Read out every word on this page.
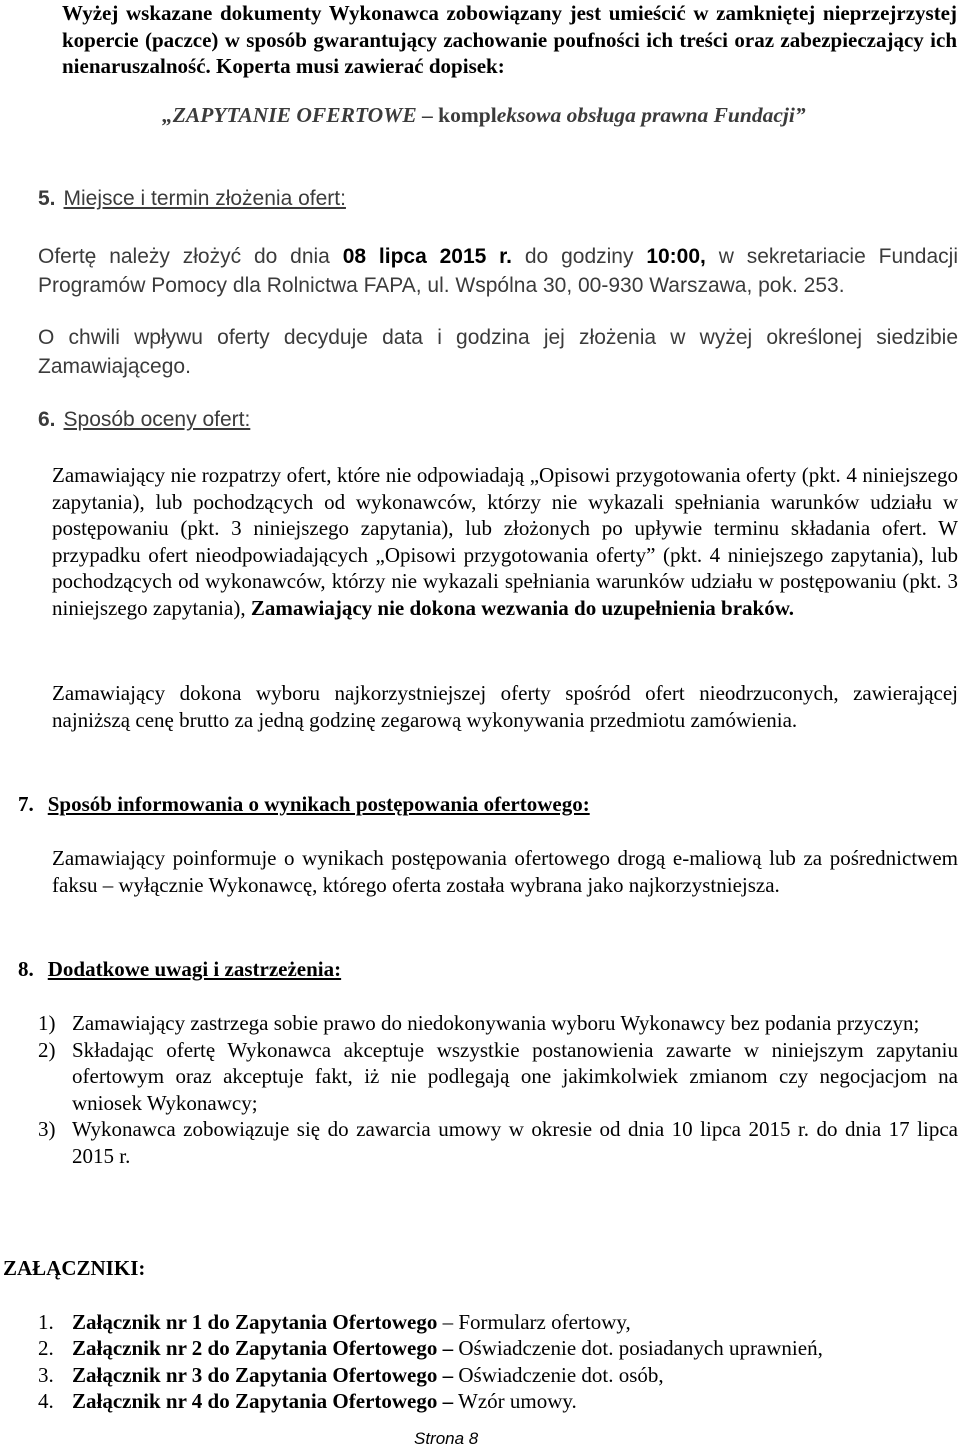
Wyżej wskazane dokumenty Wykonawca zobowiązany jest umieścić w zamkniętej nieprzejrzystej kopercie (paczce) w sposób gwarantujący zachowanie poufności ich treści oraz zabezpieczający ich nienaruszalność. Koperta musi zawierać dopisek:

„ZAPYTANIE OFERTOWE – kompleksowa obsługa prawna Fundacji”
5. Miejsce i termin złożenia ofert:

Ofertę należy złożyć do dnia 08 lipca 2015 r. do godziny 10:00, w sekretariacie Fundacji Programów Pomocy dla Rolnictwa FAPA, ul. Wspólna 30, 00-930 Warszawa, pok. 253.

O chwili wpływu oferty decyduje data i godzina jej złożenia w wyżej określonej siedzibie Zamawiającego.

6. Sposób oceny ofert:

Zamawiający nie rozpatrzy ofert, które nie odpowiadają „Opisowi przygotowania oferty (pkt. 4 niniejszego zapytania), lub pochodzących od wykonawców, którzy nie wykazali spełniania warunków udziału w postępowaniu (pkt. 3 niniejszego zapytania), lub złożonych po upływie terminu składania ofert. W przypadku ofert nieodpowiadających „Opisowi przygotowania oferty” (pkt. 4 niniejszego zapytania), lub pochodzących od wykonawców, którzy nie wykazali spełniania warunków udziału w postępowaniu (pkt. 3 niniejszego zapytania), Zamawiający nie dokona wezwania do uzupełnienia braków.

Zamawiający dokona wyboru najkorzystniejszej oferty spośród ofert nieodrzuconych, zawierającej najniższą cenę brutto za jedną godzinę zegarową wykonywania przedmiotu zamówienia.

7. Sposób informowania o wynikach postępowania ofertowego:

Zamawiający poinformuje o wynikach postępowania ofertowego drogą e-maliową lub za pośrednictwem faksu – wyłącznie Wykonawcę, którego oferta została wybrana jako najkorzystniejsza.

8. Dodatkowe uwagi i zastrzeżenia:
1) Zamawiający zastrzega sobie prawo do niedokonywania wyboru Wykonawcy bez podania przyczyn;
2) Składając ofertę Wykonawca akceptuje wszystkie postanowienia zawarte w niniejszym zapytaniu ofertowym oraz akceptuje fakt, iż nie podlegają one jakimkolwiek zmianom czy negocjacjom na wniosek Wykonawcy;
3) Wykonawca zobowiązuje się do zawarcia umowy w okresie od dnia 10 lipca 2015 r. do dnia 17 lipca 2015 r.
ZAŁĄCZNIKI:
1. Załącznik nr 1 do Zapytania Ofertowego – Formularz ofertowy,
2. Załącznik nr 2 do Zapytania Ofertowego – Oświadczenie dot. posiadanych uprawnień,
3. Załącznik nr 3 do Zapytania Ofertowego – Oświadczenie dot. osób,
4. Załącznik nr 4 do Zapytania Ofertowego – Wzór umowy.
Strona 8
